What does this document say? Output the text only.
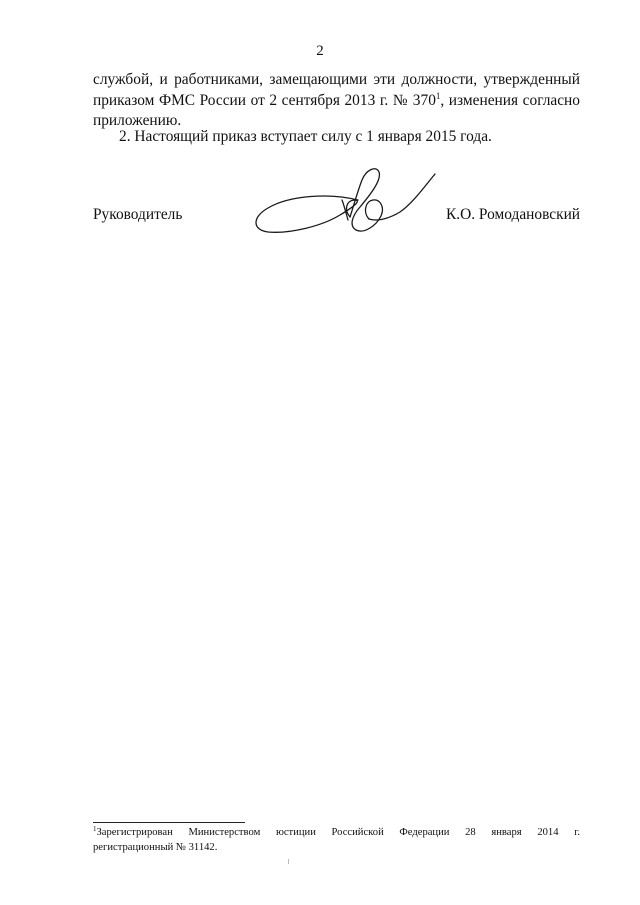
2
службой, и работниками, замещающими эти должности, утвержденный
приказом ФМС России от 2 сентября 2013 г. № $370^1$, изменения согласно
приложению.
2. Настоящий приказ вступает силу с 1 января 2015 года.
Руководитель	К.О. Ромодановский
$^1$Зарегистрирован Министерством юстиции Российской Федерации 28 января 2014 г.
регистрационный № 31142.
